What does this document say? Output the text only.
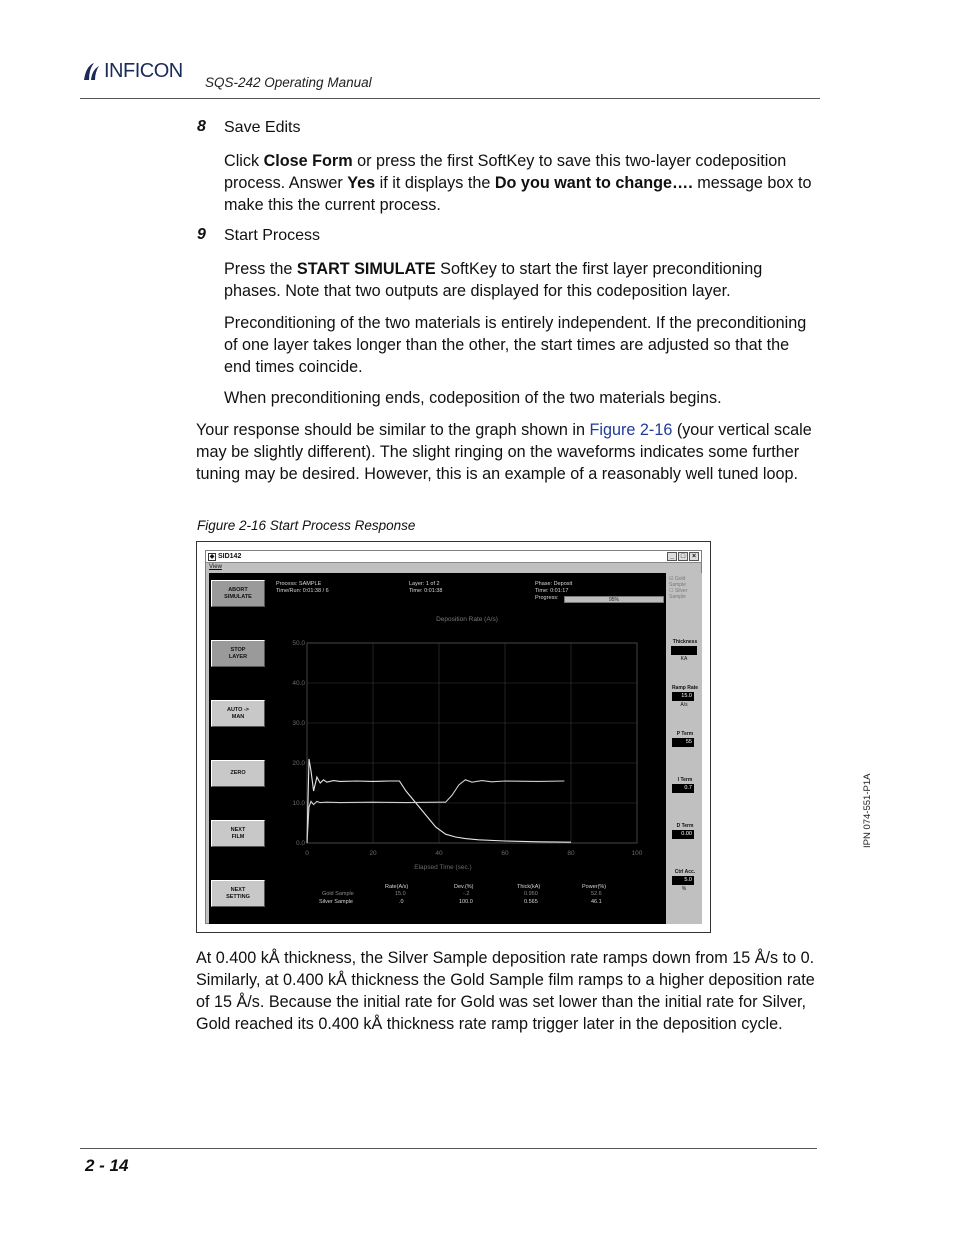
INFICON
SQS-242 Operating Manual
8 Save Edits
Click Close Form or press the first SoftKey to save this two-layer codeposition process. Answer Yes if it displays the Do you want to change…. message box to make this the current process.
9 Start Process
Press the START SIMULATE SoftKey to start the first layer preconditioning phases. Note that two outputs are displayed for this codeposition layer.
Preconditioning of the two materials is entirely independent. If the preconditioning of one layer takes longer than the other, the start times are adjusted so that the end times coincide.
When preconditioning ends, codeposition of the two materials begins.
Your response should be similar to the graph shown in Figure 2-16 (your vertical scale may be slightly different). The slight ringing on the waveforms indicates some further tuning may be desired. However, this is an example of a reasonably well tuned loop.
Figure 2-16 Start Process Response
◆ SID142	_ □ ×
View
ABORT
SIMULATE
STOP
LAYER
AUTO ->
MAN
ZERO
NEXT
FILM
NEXT
SETTING
Process: SAMPLE
Time/Run: 0:01:38 / 6
Layer: 1 of 2
Time: 0:01:38
Phase: Deposit
Time: 0:01:17
Progress:	95%
Deposition Rate (A/s)
0.0
10.0
20.0
30.0
40.0
50.0
0	20	40	60	80	100
Elapsed Time (sec.)
Rate(A/s)	Dev.(%)	Thick(kA)	Power(%)
Gold Sample	15.0	-.2	0.950	52.6
Silver Sample	.0	100.0	0.565	46.1
☑ Gold Sample
☐ Silver Sample
Thickness
KA
Ramp Rate
15.0
A/s
P Term
55
I Term
0.7
D Term
0.00
Ctrl Acc.
5.0
%
At 0.400 kÅ thickness, the Silver Sample deposition rate ramps down from 15 Å/s to 0. Similarly, at 0.400 kÅ thickness the Gold Sample film ramps to a higher deposition rate of 15 Å/s. Because the initial rate for Gold was set lower than the initial rate for Silver, Gold reached its 0.400 kÅ thickness rate ramp trigger later in the deposition cycle.
IPN 074-551-P1A
2 - 14
